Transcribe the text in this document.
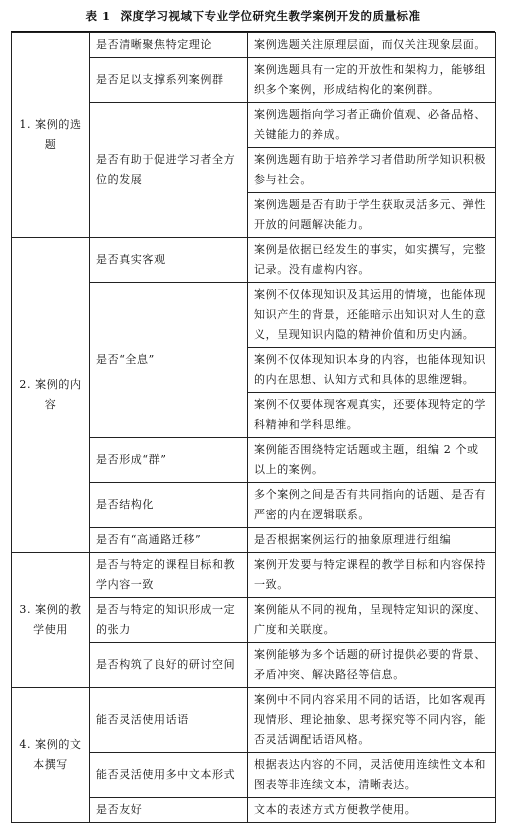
表 1 深度学习视域下专业学位研究生教学案例开发的质量标准
1. 案例的选题	是否清晰聚焦特定理论	案例选题关注原理层面，而仅关注现象层面。
	是否足以支撑系列案例群	案例选题具有一定的开放性和架构力，能够组织多个案例，形成结构化的案例群。
	是否有助于促进学习者全方位的发展	案例选题指向学习者正确价值观、必备品格、关键能力的养成。
		案例选题有助于培养学习者借助所学知识积极参与社会。
		案例选题是否有助于学生获取灵活多元、弹性开放的问题解决能力。
2. 案例的内容	是否真实客观	案例是依据已经发生的事实，如实撰写，完整记录。没有虚构内容。
	是否“全息”	案例不仅体现知识及其运用的情境，也能体现知识产生的背景，还能暗示出知识对人生的意义，呈现知识内隐的精神价值和历史内涵。
		案例不仅体现知识本身的内容，也能体现知识的内在思想、认知方式和具体的思维逻辑。
		案例不仅要体现客观真实，还要体现特定的学科精神和学科思维。
	是否形成“群”	案例能否围绕特定话题或主题，组编 2 个或以上的案例。
	是否结构化	多个案例之间是否有共同指向的话题、是否有严密的内在逻辑联系。
	是否有“高通路迁移”	是否根据案例运行的抽象原理进行组编
3. 案例的教学使用	是否与特定的课程目标和教学内容一致	案例开发要与特定课程的教学目标和内容保持一致。
	是否与特定的知识形成一定的张力	案例能从不同的视角，呈现特定知识的深度、广度和关联度。
	是否构筑了良好的研讨空间	案例能够为多个话题的研讨提供必要的背景、矛盾冲突、解决路径等信息。
4. 案例的文本撰写	能否灵活使用话语	案例中不同内容采用不同的话语，比如客观再现情形、理论抽象、思考探究等不同内容，能否灵活调配话语风格。
	能否灵活使用多中文本形式	根据表达内容的不同，灵活使用连续性文本和图表等非连续文本，清晰表达。
	是否友好	文本的表述方式方便教学使用。
